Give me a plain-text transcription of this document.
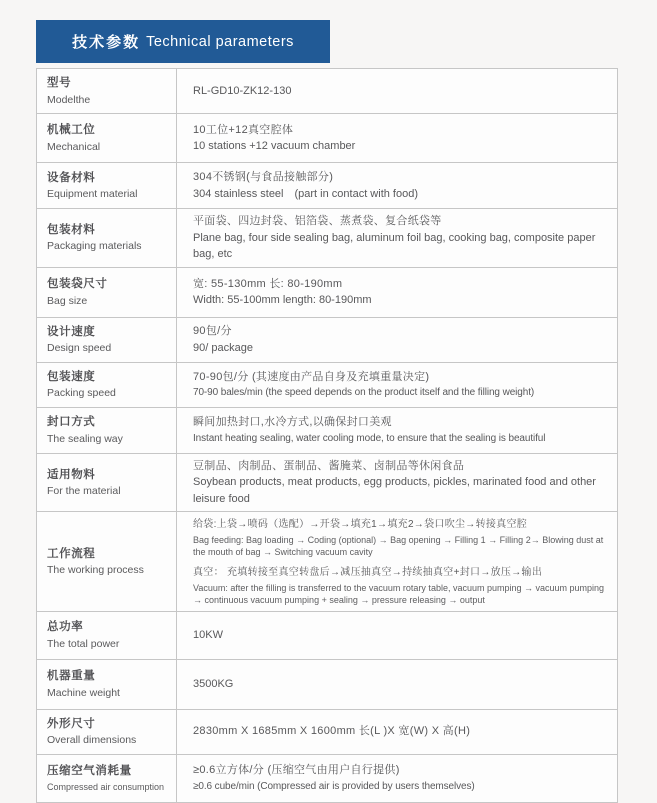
技术参数 Technical parameters
型号
Modelthe
RL-GD10-ZK12-130
机械工位
Mechanical
10工位+12真空腔体
10 stations +12 vacuum chamber
设备材料
Equipment material
304不锈钢(与食品接触部分)
304 stainless steel　(part in contact with food)
包装材料
Packaging materials
平面袋、四边封袋、铝箔袋、蒸煮袋、复合纸袋等
Plane bag, four side sealing bag, aluminum foil bag, cooking bag, composite paper bag, etc
包装袋尺寸
Bag size
宽: 55-130mm 长: 80-190mm
Width: 55-100mm length: 80-190mm
设计速度
Design speed
90包/分
90/ package
包装速度
Packing speed
70-90包/分 (其速度由产品自身及充填重量决定)
70-90 bales/min (the speed depends on the product itself and the filling weight)
封口方式
The sealing way
瞬间加热封口,水冷方式,以确保封口美观
Instant heating sealing, water cooling mode, to ensure that the sealing is beautiful
适用物料
For the material
豆制品、肉制品、蛋制品、酱腌菜、卤制品等休闲食品
Soybean products, meat products, egg products, pickles, marinated food and other leisure food
工作流程
The working process

给袋:上袋→喷码（选配）→开袋→填充1→填充2→袋口吹尘→转接真空腔

Bag feeding: Bag loading → Coding (optional) → Bag opening → Filling 1 → Filling 2→ Blowing dust at the mouth of bag → Switching vacuum cavity

真空： 充填转接至真空转盘后→减压抽真空→持续抽真空+封口→放压→输出

Vacuum: after the filling is transferred to the vacuum rotary table, vacuum pumping → vacuum pumping → continuous vacuum pumping + sealing → pressure releasing → output

总功率
The total power
10KW
机器重量
Machine weight
3500KG
外形尺寸
Overall dimensions
2830mm X 1685mm X 1600mm 长(L )X 宽(W) X 高(H)
压缩空气消耗量
Compressed air consumption
≥0.6立方体/分 (压缩空气由用户自行提供)
≥0.6 cube/min (Compressed air is provided by users themselves)
